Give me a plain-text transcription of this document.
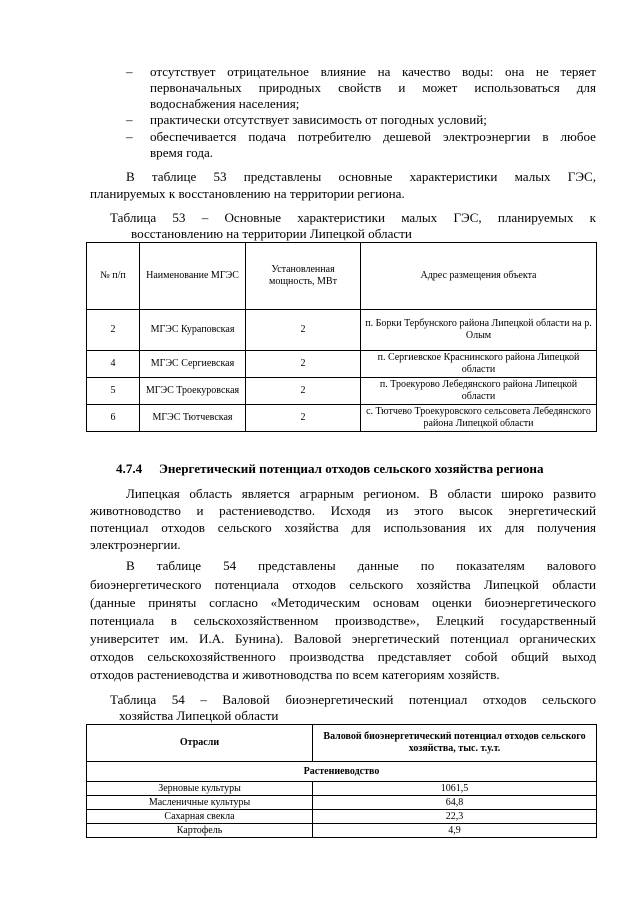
– отсутствует отрицательное влияние на качество воды: она не теряет
первоначальных природных свойств и может использоваться для
водоснабжения населения;
– практически отсутствует зависимость от погодных условий;
– обеспечивается подача потребителю дешевой электроэнергии в любое
время года.
В таблице 53 представлены основные характеристики малых ГЭС,
планируемых к восстановлению на территории региона.
Таблица 53 – Основные характеристики малых ГЭС, планируемых к
восстановлению на территории Липецкой области
№ п/п	Наименование МГЭС	Установленная мощность, МВт	Адрес размещения объекта
2	МГЭС Кураповская	2	п. Борки Тербунского района Липецкой области на р. Олым
4	МГЭС Сергиевская	2	п. Сергиевское Краснинского района Липецкой области
5	МГЭС Троекуровская	2	п. Троекурово Лебедянского района Липецкой области
6	МГЭС Тютчевская	2	с. Тютчево Троекуровского сельсовета Лебедянского района Липецкой области
4.7.4	Энергетический потенциал отходов сельского хозяйства региона
Липецкая область является аграрным регионом. В области широко развито
животноводство и растениеводство. Исходя из этого высок энергетический
потенциал отходов сельского хозяйства для использования их для получения
электроэнергии.
В таблице 54 представлены данные по показателям валового
биоэнергетического потенциала отходов сельского хозяйства Липецкой области
(данные приняты согласно «Методическим основам оценки биоэнергетического
потенциала в сельскохозяйственном производстве», Елецкий государственный
университет им. И.А. Бунина). Валовой энергетический потенциал органических
отходов сельскохозяйственного производства представляет собой общий выход
отходов растениеводства и животноводства по всем категориям хозяйств.
Таблица 54 – Валовой биоэнергетический потенциал отходов сельского
хозяйства Липецкой области
Отрасли	Валовой биоэнергетический потенциал отходов сельского хозяйства, тыс. т.у.т.
Растениеводство	
Зерновые культуры	1061,5
Масленичные культуры	64,8
Сахарная свекла	22,3
Картофель	4,9
